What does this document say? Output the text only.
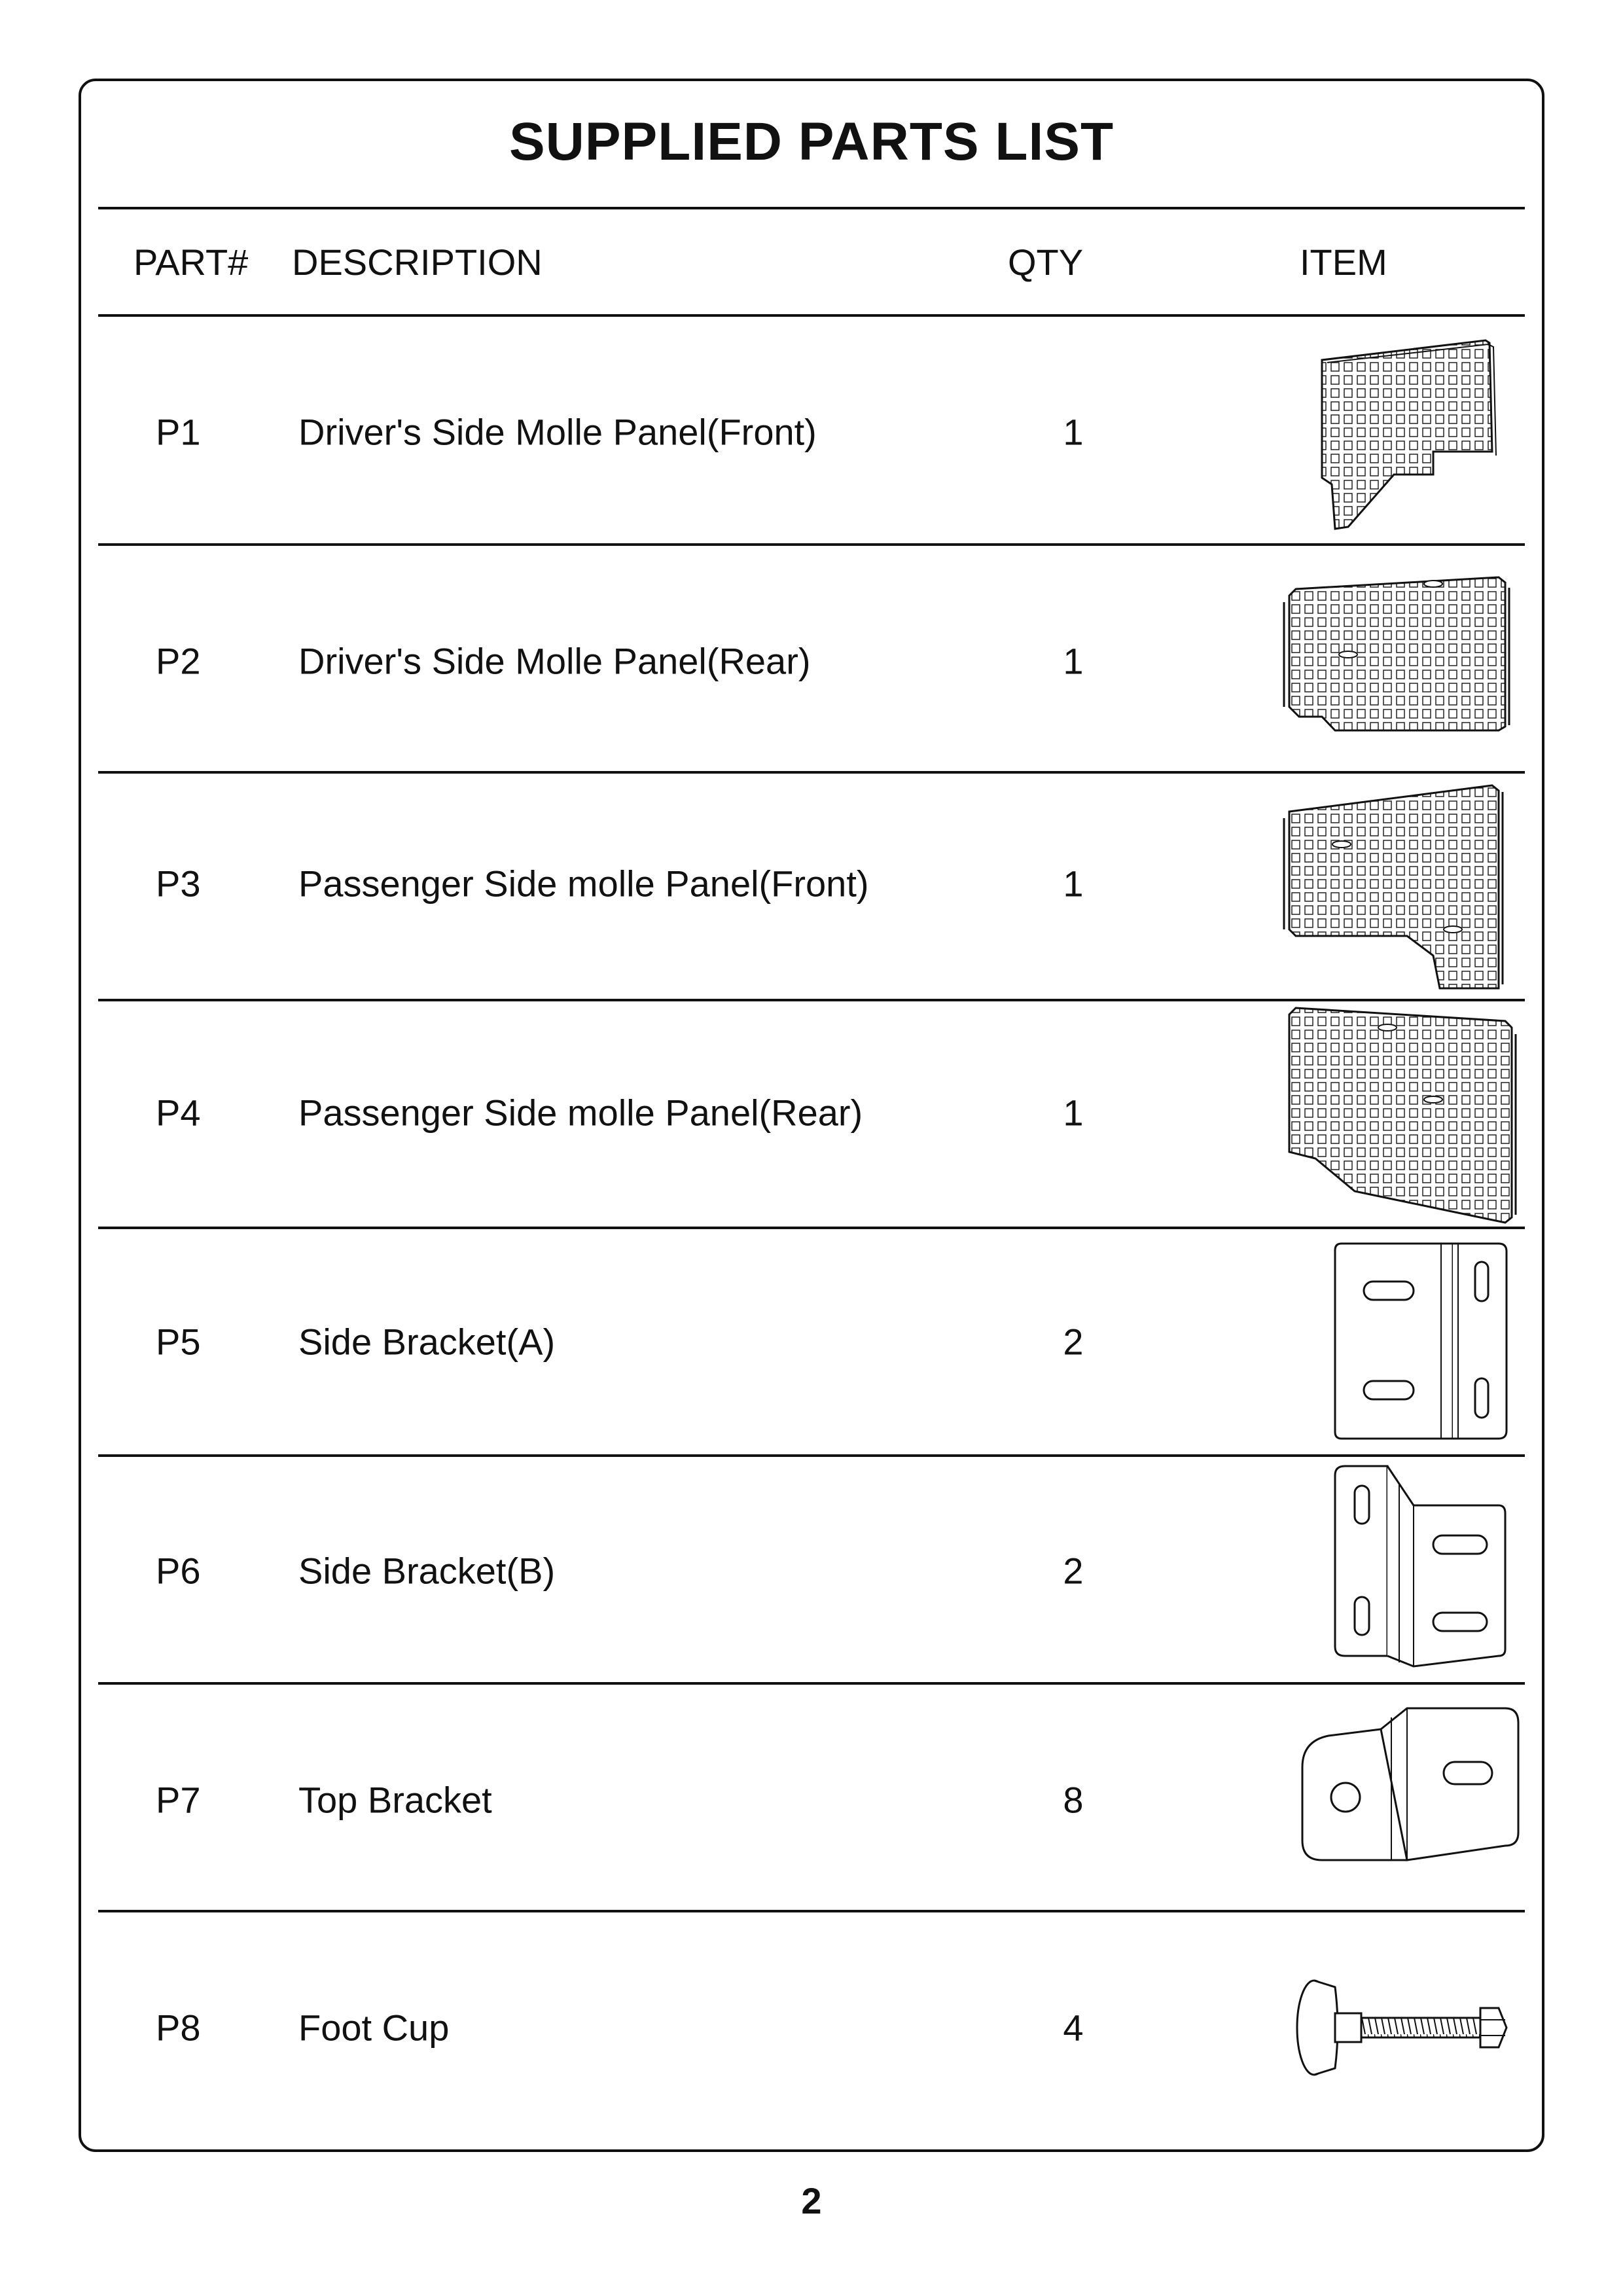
SUPPLIED PARTS LIST
PART# DESCRIPTION	QTY	ITEM
P1	Driver's Side Molle Panel(Front)	1
P2	Driver's Side Molle Panel(Rear)	1
P3	Passenger Side molle Panel(Front)	1
P4	Passenger Side molle Panel(Rear)	1
P5	Side Bracket(A)	2
P6	Side Bracket(B)	2
P7	Top Bracket	8
P8	Foot Cup	4
2
